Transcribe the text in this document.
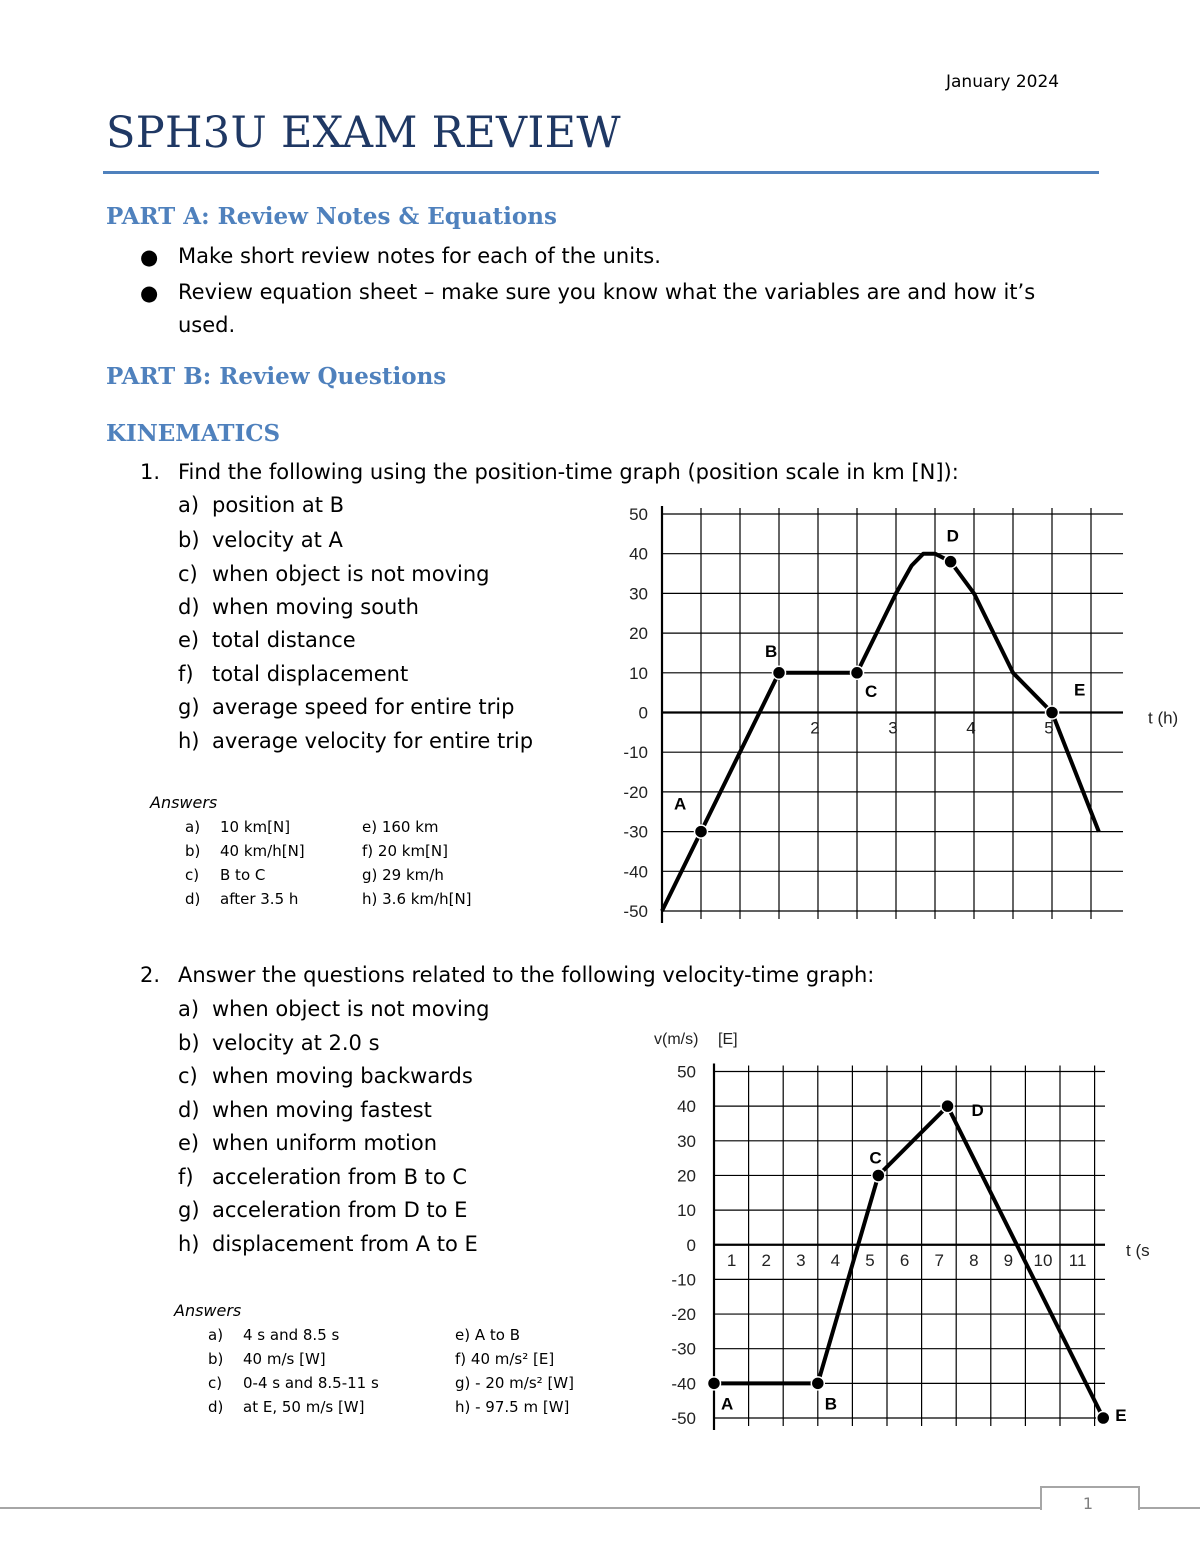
January 2024
SPH3U EXAM REVIEW
PART A: Review Notes & Equations
● Make short review notes for each of the units.
● Review equation sheet – make sure you know what the variables are and how it’s used.
PART B: Review Questions
KINEMATICS
1. Find the following using the position-time graph (position scale in km [N]):
a) position at B
b) velocity at A
c) when object is not moving
d) when moving south
e) total distance
f) total displacement
g) average speed for entire trip
h) average velocity for entire trip
Answers
a) 10 km[N]
b) 40 km/h[N]
c) B to C
d) after 3.5 h
e) 160 km
f) 20 km[N]
g) 29 km/h
h) 3.6 km/h[N]
50
40
30
20
10
0
-10
-20
-30
-40
-50
2	3	4	5
t (h)
A
B
C
D
E
2. Answer the questions related to the following velocity-time graph:
a) when object is not moving
b) velocity at 2.0 s
c) when moving backwards
d) when moving fastest
e) when uniform motion
f) acceleration from B to C
g) acceleration from D to E
h) displacement from A to E
Answers
a) 4 s and 8.5 s
b) 40 m/s [W]
c) 0-4 s and 8.5-11 s
d) at E, 50 m/s [W]
e) A to B
f) 40 m/s² [E]
g) - 20 m/s² [W]
h) - 97.5 m [W]
50
40
30
20
10
0
-10
-20
-30
-40
-50
1 2 3 4 5 6 7 8 9 10 11
t (s
A	B
C
D
E
v(m/s) [E]
1
